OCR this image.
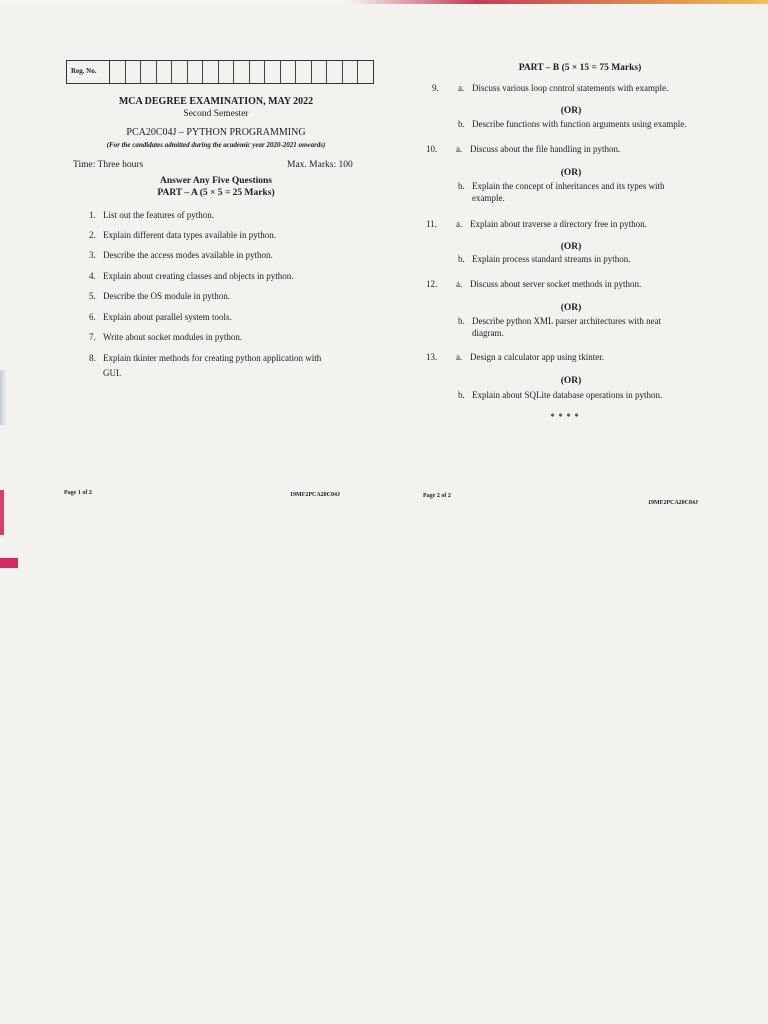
Reg. No.
MCA DEGREE EXAMINATION, MAY 2022
Second Semester
PCA20C04J – PYTHON PROGRAMMING
(For the candidates admitted during the academic year 2020-2021 onwards)
Time: Three hours	Max. Marks: 100
Answer Any Five Questions
PART – A (5 × 5 = 25 Marks)
1. List out the features of python.
2. Explain different data types available in python.
3. Describe the access modes available in python.
4. Explain about creating classes and objects in python.
5. Describe the OS module in python.
6. Explain about parallel system tools.
7. Write about socket modules in python.
8. Explain tkinter methods for creating python application with
GUI.
PART – B (5 × 15 = 75 Marks)
9. a. Discuss various loop control statements with example.
(OR)
b. Describe functions with function arguments using example.
10. a. Discuss about the file handling in python.
(OR)
b. Explain the concept of inheritances and its types with
example.
11. a. Explain about traverse a directory free in python.
(OR)
b. Explain process standard streams in python.
12. a. Discuss about server socket methods in python.
(OR)
b. Describe python XML parser architectures with neat
diagram.
13. a. Design a calculator app using tkinter.
(OR)
b. Explain about SQLite database operations in python.
* * * *
Page 1 of 2	19MF2PCA20C04J	Page 2 of 2
19MF2PCA20C04J
